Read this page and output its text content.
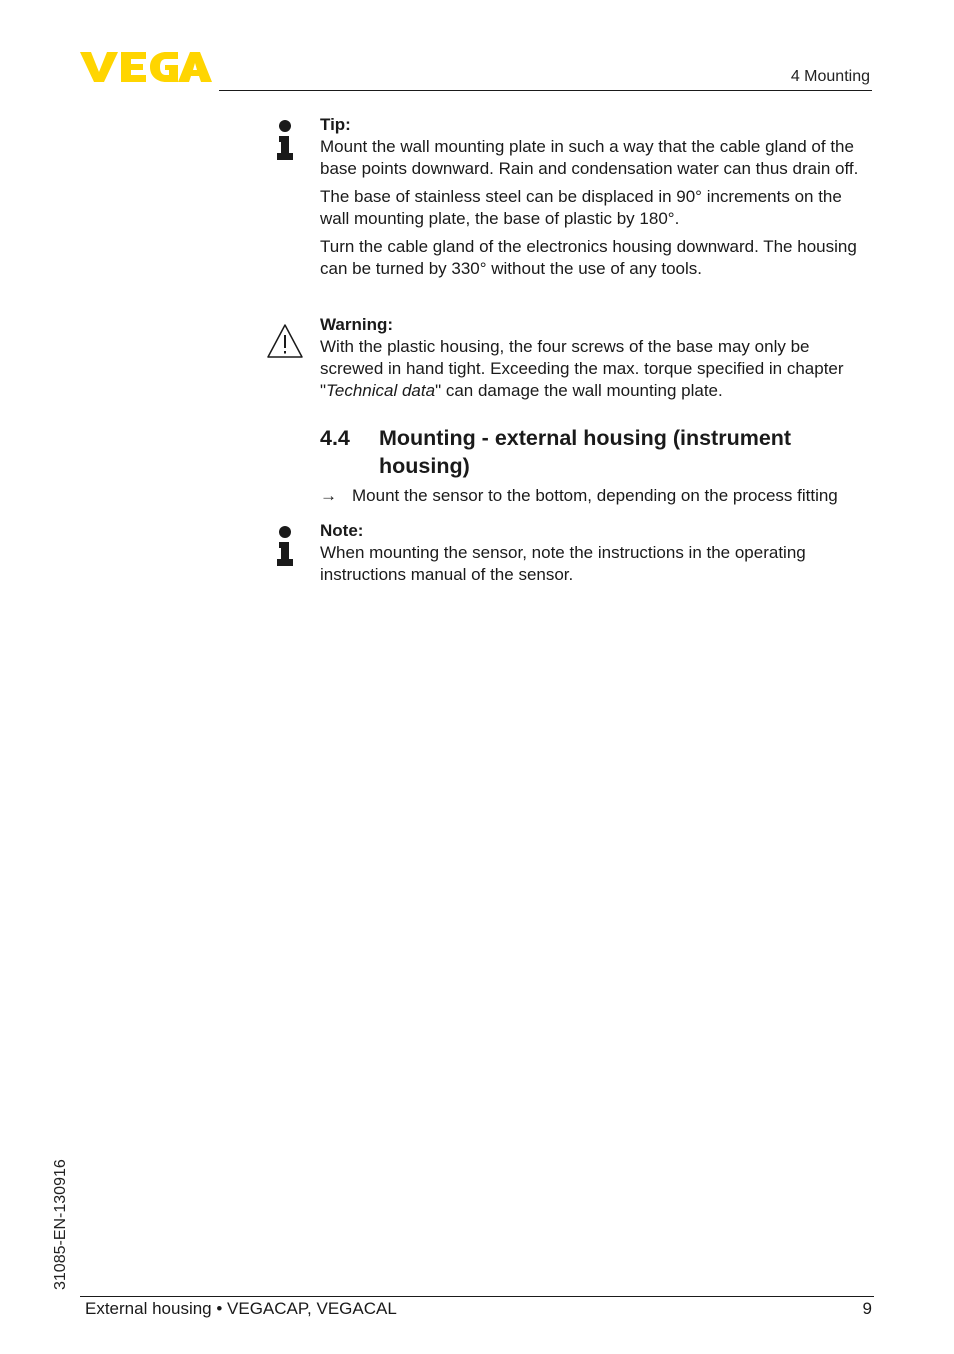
4 Mounting

Tip:

Mount the wall mounting plate in such a way that the cable gland of the base points downward. Rain and condensation water can thus drain off.

The base of stainless steel can be displaced in 90° increments on the wall mounting plate, the base of plastic by 180°.

Turn the cable gland of the electronics housing downward. The housing can be turned by 330° without the use of any tools.

Warning:

With the plastic housing, the four screws of the base may only be screwed in hand tight. Exceeding the max. torque specified in chapter "Technical data" can damage the wall mounting plate.

4.4 Mounting - external housing (instrument housing)
→ Mount the sensor to the bottom, depending on the process fitting

Note:

When mounting the sensor, note the instructions in the operating instructions manual of the sensor.

31085-EN-130916
External housing • VEGACAP, VEGACAL	9
